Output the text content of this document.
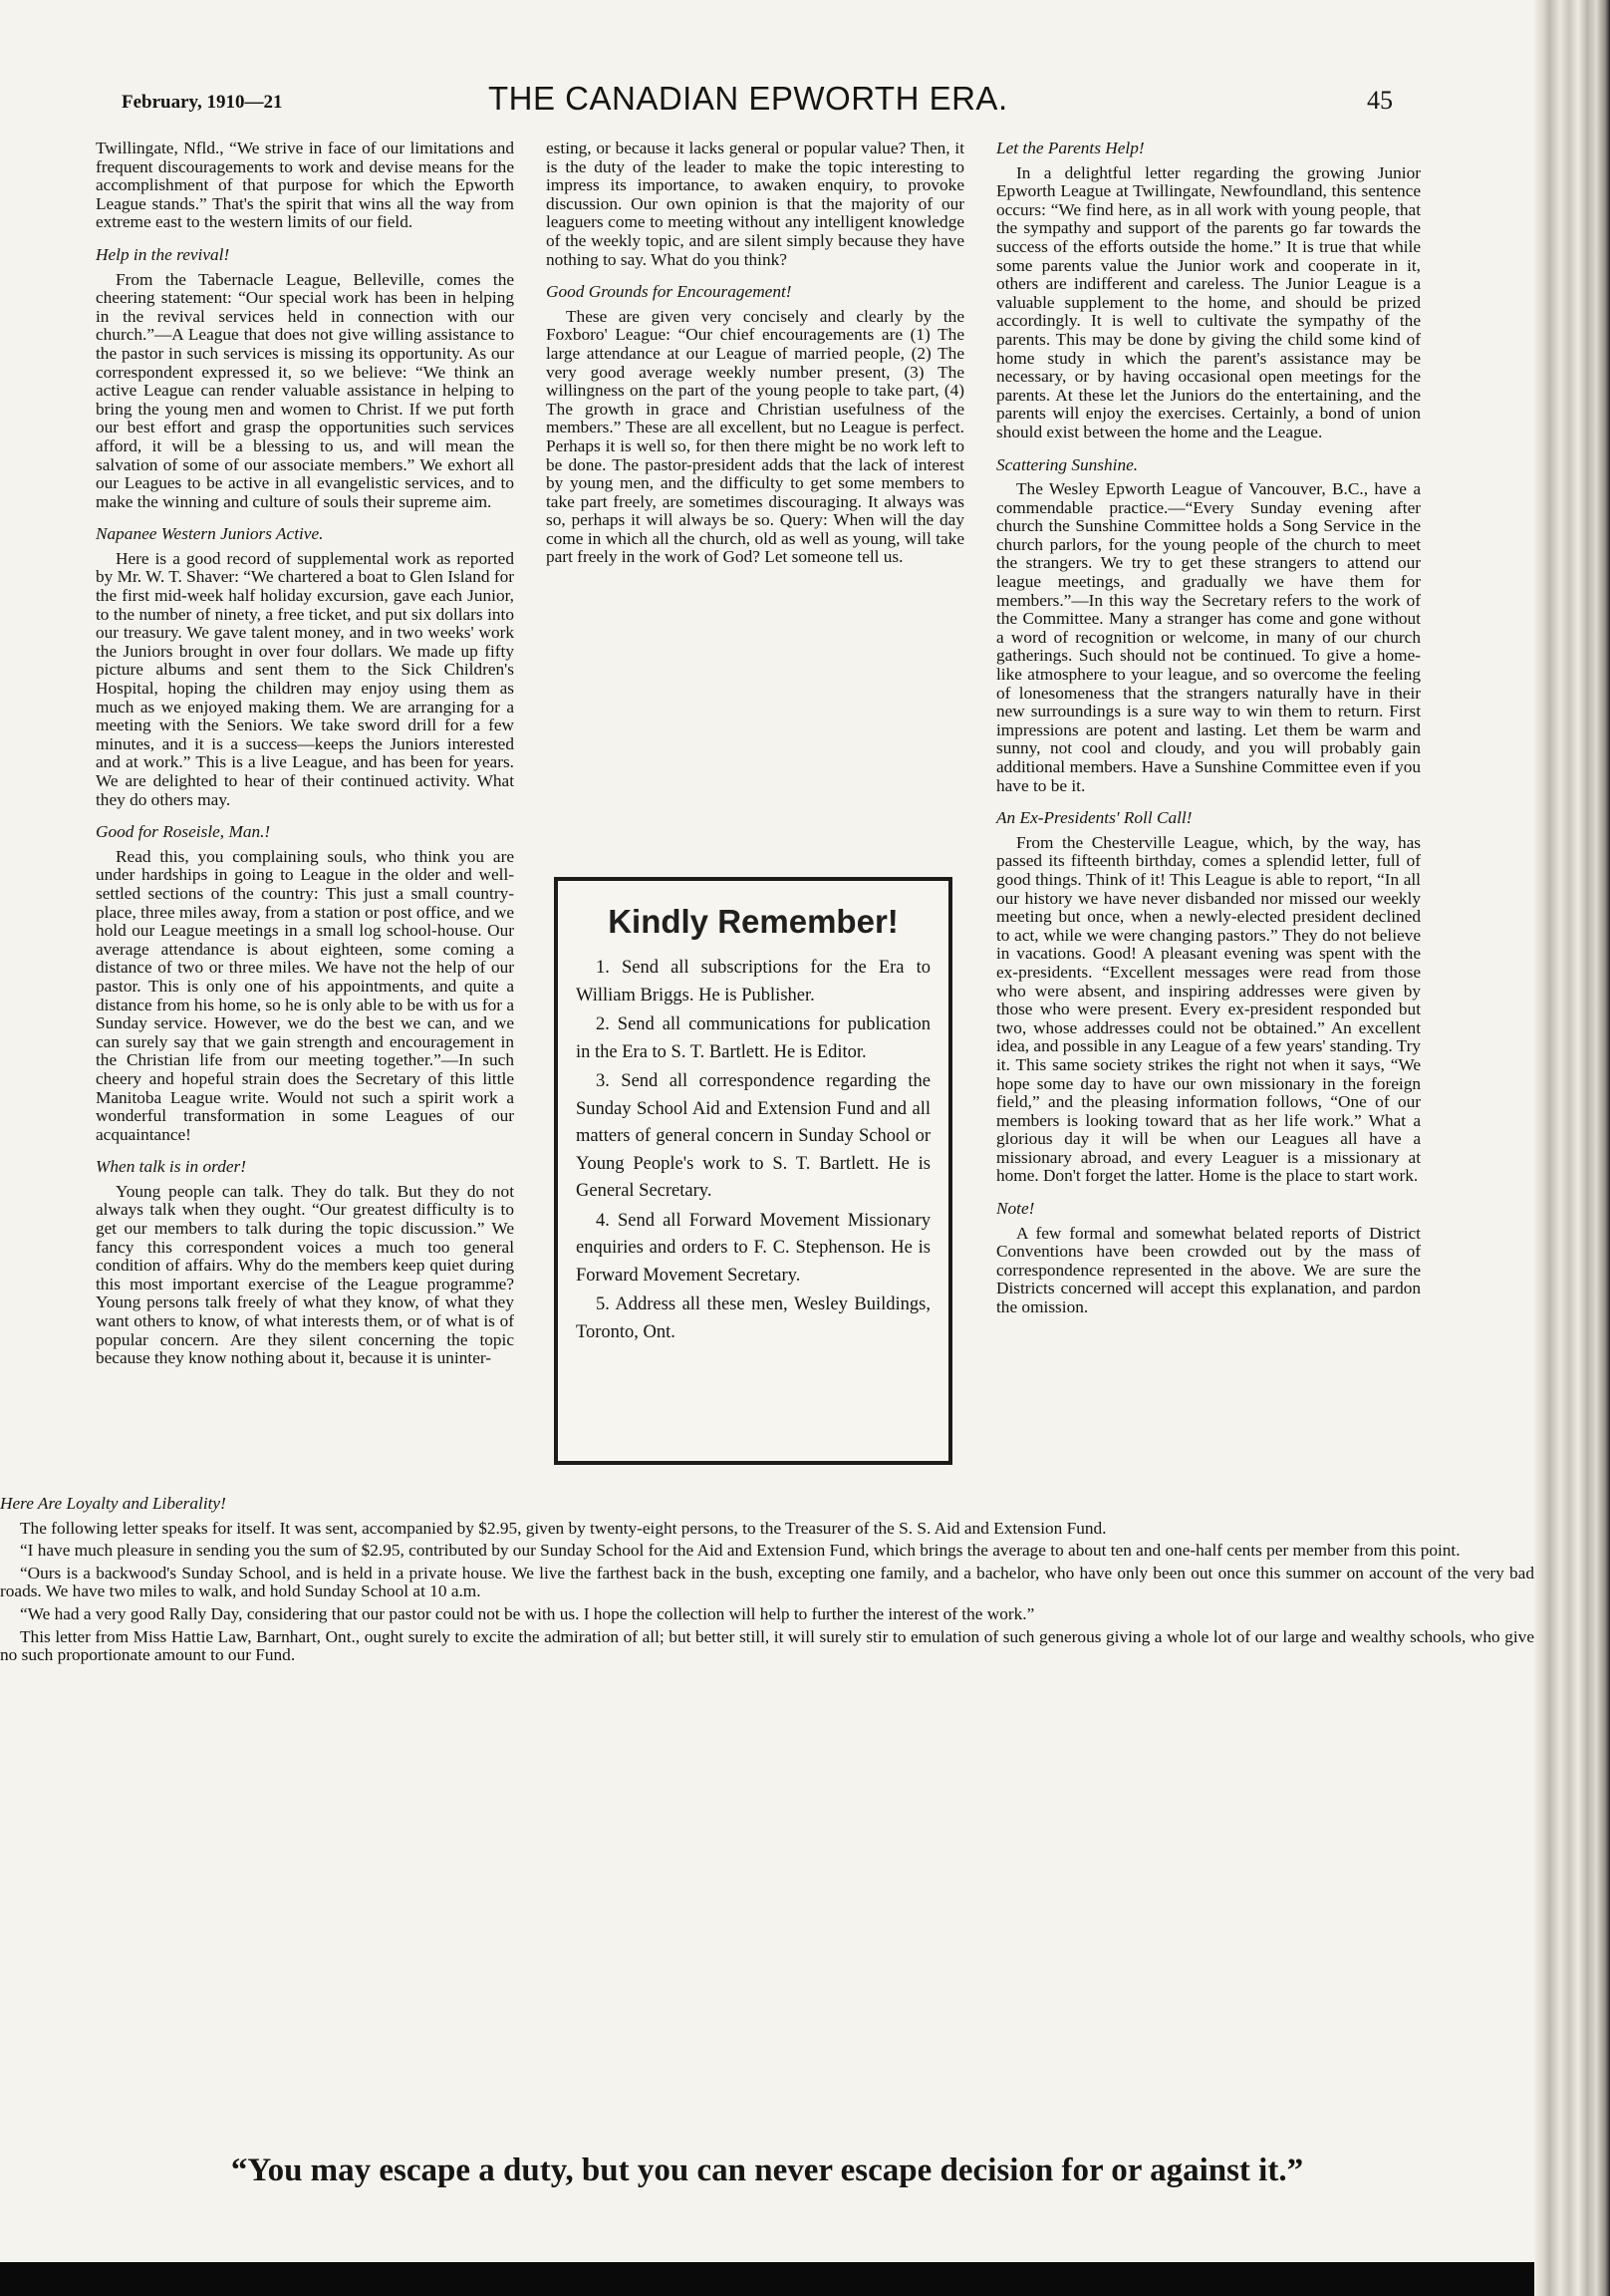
February, 1910—21	THE CANADIAN EPWORTH ERA.	45

Twillingate, Nfld., “We strive in face of our limitations and frequent discouragements to work and devise means for the accomplishment of that purpose for which the Epworth League stands.” That's the spirit that wins all the way from extreme east to the western limits of our field.

Help in the revival!

From the Tabernacle League, Belleville, comes the cheering statement: “Our special work has been in helping in the revival services held in connection with our church.”—A League that does not give willing assistance to the pastor in such services is missing its opportunity. As our correspondent expressed it, so we believe: “We think an active League can render valuable assistance in helping to bring the young men and women to Christ. If we put forth our best effort and grasp the opportunities such services afford, it will be a blessing to us, and will mean the salvation of some of our associate members.” We exhort all our Leagues to be active in all evangelistic services, and to make the winning and culture of souls their supreme aim.

Napanee Western Juniors Active.

Here is a good record of supplemental work as reported by Mr. W. T. Shaver: “We chartered a boat to Glen Island for the first mid-week half holiday excursion, gave each Junior, to the number of ninety, a free ticket, and put six dollars into our treasury. We gave talent money, and in two weeks' work the Juniors brought in over four dollars. We made up fifty picture albums and sent them to the Sick Children's Hospital, hoping the children may enjoy using them as much as we enjoyed making them. We are arranging for a meeting with the Seniors. We take sword drill for a few minutes, and it is a success—keeps the Juniors interested and at work.” This is a live League, and has been for years. We are delighted to hear of their continued activity. What they do others may.

Good for Roseisle, Man.!

Read this, you complaining souls, who think you are under hardships in going to League in the older and well-settled sections of the country: This just a small country-place, three miles away, from a station or post office, and we hold our League meetings in a small log school-house. Our average attendance is about eighteen, some coming a distance of two or three miles. We have not the help of our pastor. This is only one of his appointments, and quite a distance from his home, so he is only able to be with us for a Sunday service. However, we do the best we can, and we can surely say that we gain strength and encouragement in the Christian life from our meeting together.”—In such cheery and hopeful strain does the Secretary of this little Manitoba League write. Would not such a spirit work a wonderful transformation in some Leagues of our acquaintance!

When talk is in order!

Young people can talk. They do talk. But they do not always talk when they ought. “Our greatest difficulty is to get our members to talk during the topic discussion.” We fancy this correspondent voices a much too general condition of affairs. Why do the members keep quiet during this most important exercise of the League programme? Young persons talk freely of what they know, of what they want others to know, of what interests them, or of what is of popular concern. Are they silent concerning the topic because they know nothing about it, because it is uninter-

esting, or because it lacks general or popular value? Then, it is the duty of the leader to make the topic interesting to impress its importance, to awaken enquiry, to provoke discussion. Our own opinion is that the majority of our leaguers come to meeting without any intelligent knowledge of the weekly topic, and are silent simply because they have nothing to say. What do you think?

Good Grounds for Encouragement!

These are given very concisely and clearly by the Foxboro' League: “Our chief encouragements are (1) The large attendance at our League of married people, (2) The very good average weekly number present, (3) The willingness on the part of the young people to take part, (4) The growth in grace and Christian usefulness of the members.” These are all excellent, but no League is perfect. Perhaps it is well so, for then there might be no work left to be done. The pastor-president adds that the lack of interest by young men, and the difficulty to get some members to take part freely, are sometimes discouraging. It always was so, perhaps it will always be so. Query: When will the day come in which all the church, old as well as young, will take part freely in the work of God? Let someone tell us.

Kindly Remember!
1. Send all subscriptions for the Era to William Briggs. He is Publisher.
2. Send all communications for publication in the Era to S. T. Bartlett. He is Editor.
3. Send all correspondence regarding the Sunday School Aid and Extension Fund and all matters of general concern in Sunday School or Young People's work to S. T. Bartlett. He is General Secretary.
4. Send all Forward Movement Missionary enquiries and orders to F. C. Stephenson. He is Forward Movement Secretary.
5. Address all these men, Wesley Buildings, Toronto, Ont.
Here Are Loyalty and Liberality!

The following letter speaks for itself. It was sent, accompanied by $2.95, given by twenty-eight persons, to the Treasurer of the S. S. Aid and Extension Fund.

“I have much pleasure in sending you the sum of $2.95, contributed by our Sunday School for the Aid and Extension Fund, which brings the average to about ten and one-half cents per member from this point.

“Ours is a backwood's Sunday School, and is held in a private house. We live the farthest back in the bush, excepting one family, and a bachelor, who have only been out once this summer on account of the very bad roads. We have two miles to walk, and hold Sunday School at 10 a.m.

“We had a very good Rally Day, considering that our pastor could not be with us. I hope the collection will help to further the interest of the work.”

This letter from Miss Hattie Law, Barnhart, Ont., ought surely to excite the admiration of all; but better still, it will surely stir to emulation of such generous giving a whole lot of our large and wealthy schools, who give no such proportionate amount to our Fund.

Let the Parents Help!

In a delightful letter regarding the growing Junior Epworth League at Twillingate, Newfoundland, this sentence occurs: “We find here, as in all work with young people, that the sympathy and support of the parents go far towards the success of the efforts outside the home.” It is true that while some parents value the Junior work and cooperate in it, others are indifferent and careless. The Junior League is a valuable supplement to the home, and should be prized accordingly. It is well to cultivate the sympathy of the parents. This may be done by giving the child some kind of home study in which the parent's assistance may be necessary, or by having occasional open meetings for the parents. At these let the Juniors do the entertaining, and the parents will enjoy the exercises. Certainly, a bond of union should exist between the home and the League.

Scattering Sunshine.

The Wesley Epworth League of Vancouver, B.C., have a commendable practice.—“Every Sunday evening after church the Sunshine Committee holds a Song Service in the church parlors, for the young people of the church to meet the strangers. We try to get these strangers to attend our league meetings, and gradually we have them for members.”—In this way the Secretary refers to the work of the Committee. Many a stranger has come and gone without a word of recognition or welcome, in many of our church gatherings. Such should not be continued. To give a home-like atmosphere to your league, and so overcome the feeling of lonesomeness that the strangers naturally have in their new surroundings is a sure way to win them to return. First impressions are potent and lasting. Let them be warm and sunny, not cool and cloudy, and you will probably gain additional members. Have a Sunshine Committee even if you have to be it.

An Ex-Presidents' Roll Call!

From the Chesterville League, which, by the way, has passed its fifteenth birthday, comes a splendid letter, full of good things. Think of it! This League is able to report, “In all our history we have never disbanded nor missed our weekly meeting but once, when a newly-elected president declined to act, while we were changing pastors.” They do not believe in vacations. Good! A pleasant evening was spent with the ex-presidents. “Excellent messages were read from those who were absent, and inspiring addresses were given by those who were present. Every ex-president responded but two, whose addresses could not be obtained.” An excellent idea, and possible in any League of a few years' standing. Try it. This same society strikes the right not when it says, “We hope some day to have our own missionary in the foreign field,” and the pleasing information follows, “One of our members is looking toward that as her life work.” What a glorious day it will be when our Leagues all have a missionary abroad, and every Leaguer is a missionary at home. Don't forget the latter. Home is the place to start work.

Note!

A few formal and somewhat belated reports of District Conventions have been crowded out by the mass of correspondence represented in the above. We are sure the Districts concerned will accept this explanation, and pardon the omission.

“You may escape a duty, but you can never escape decision for or against it.”
